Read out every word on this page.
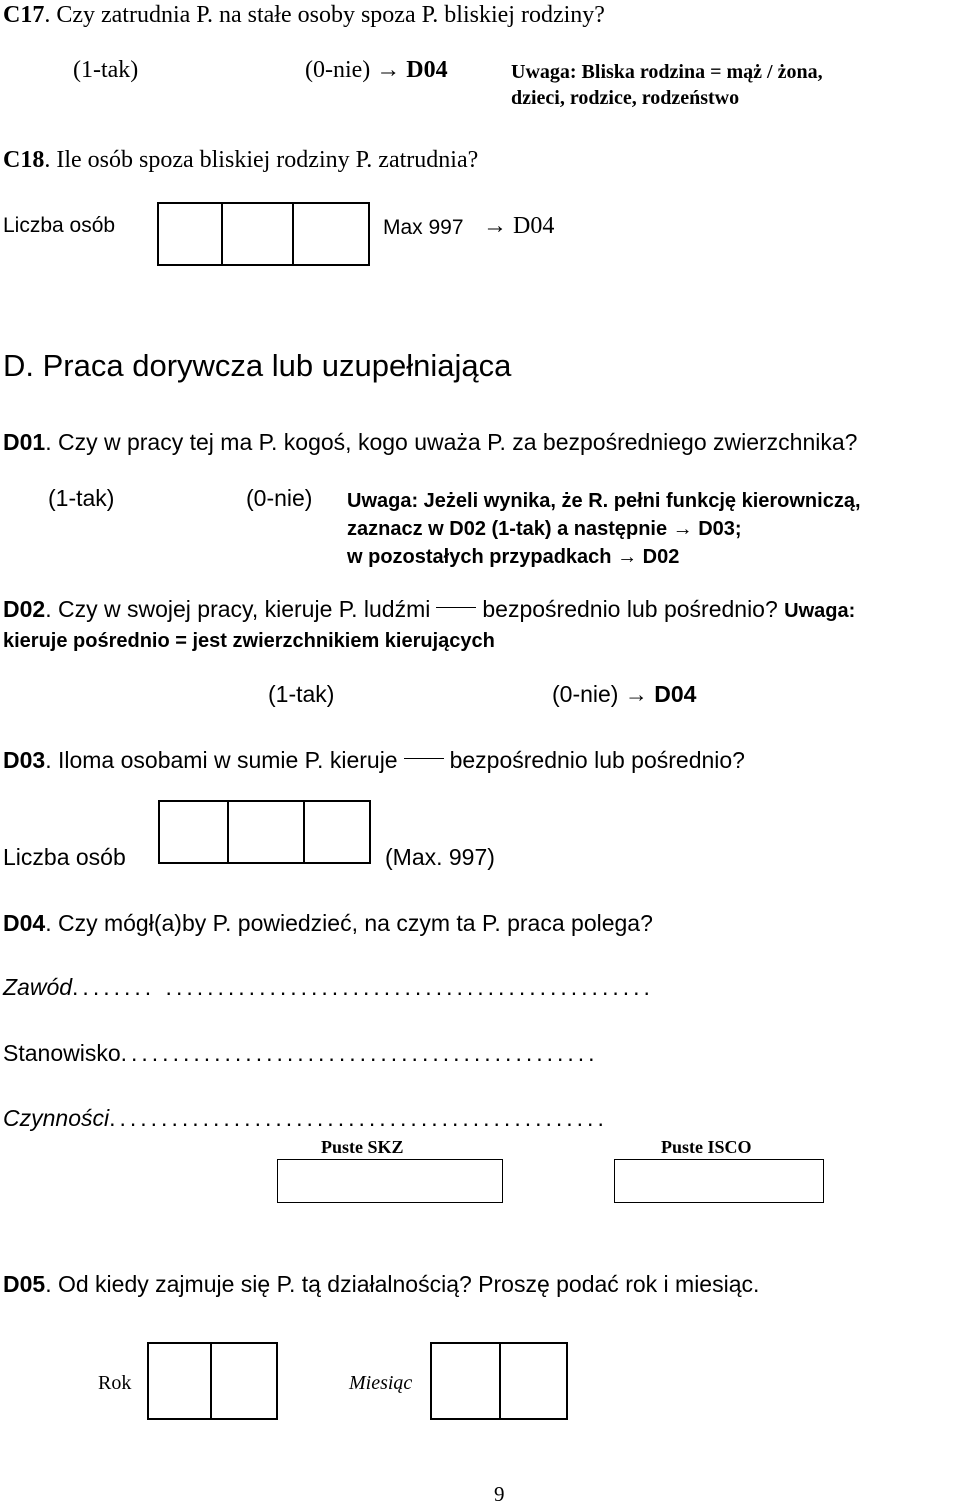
C17. Czy zatrudnia P. na stałe osoby spoza P. bliskiej rodziny?
(1-tak)	(0-nie) → D04	Uwaga: Bliska rodzina = mąż / żona,
dzieci, rodzice, rodzeństwo
C18. Ile osób spoza bliskiej rodziny P. zatrudnia?
Liczba osób	Max 997 → D04
D. Praca dorywcza lub uzupełniająca
D01. Czy w pracy tej ma P. kogoś, kogo uważa P. za bezpośredniego zwierzchnika?
(1-tak)	(0-nie) Uwaga: Jeżeli wynika, że R. pełni funkcję kierowniczą,
zaznacz w D02 (1-tak) a następnie → D03;
w pozostałych przypadkach → D02
D02. Czy w swojej pracy, kieruje P. ludźmi bezpośrednio lub pośrednio? Uwaga:
kieruje pośrednio = jest zwierzchnikiem kierujących
(1-tak)	(0-nie) → D04
D03. Iloma osobami w sumie P. kieruje bezpośrednio lub pośrednio?
Liczba osób	(Max. 997)
D04. Czy mógł(a)by P. powiedzieć, na czym ta P. praca polega?
Zawód........ ...............................................
Stanowisko..............................................
Czynności................................................
Puste SKZ	Puste ISCO
D05. Od kiedy zajmuje się P. tą działalnością? Proszę podać rok i miesiąc.
Rok	Miesiąc
9
